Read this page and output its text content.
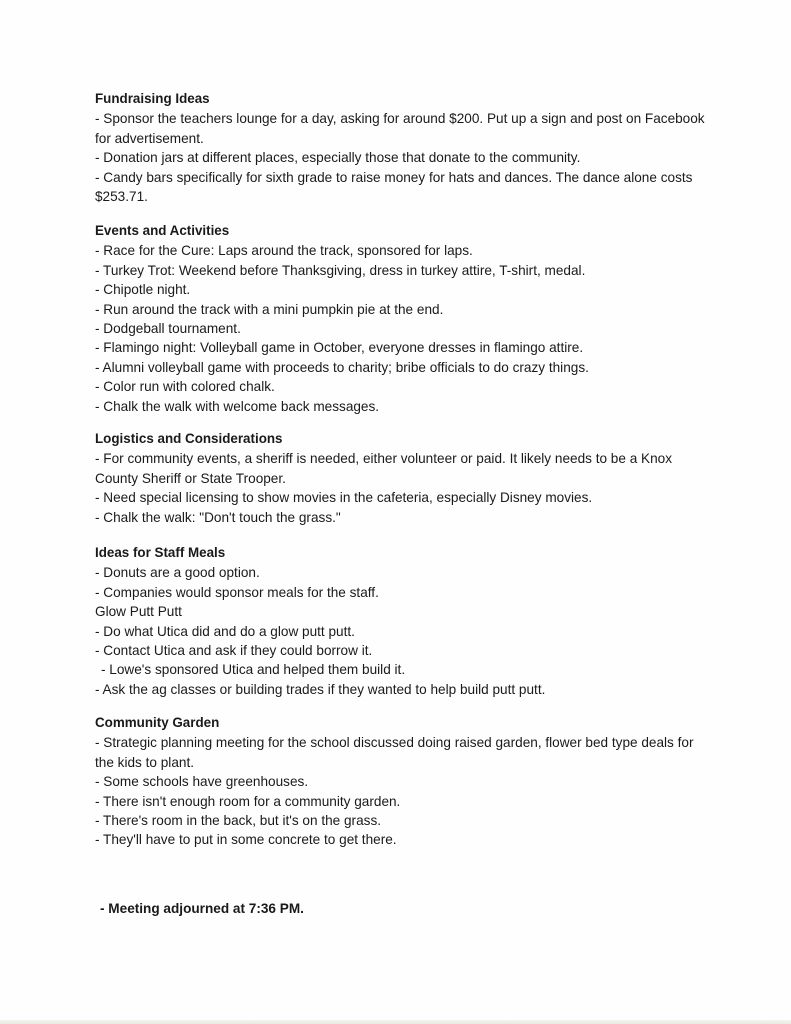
Fundraising Ideas

- Sponsor the teachers lounge for a day, asking for around $200. Put up a sign and post on Facebook for advertisement.

- Donation jars at different places, especially those that donate to the community.

- Candy bars specifically for sixth grade to raise money for hats and dances. The dance alone costs $253.71.

Events and Activities

- Race for the Cure: Laps around the track, sponsored for laps.

- Turkey Trot: Weekend before Thanksgiving, dress in turkey attire, T-shirt, medal.

- Chipotle night.

- Run around the track with a mini pumpkin pie at the end.

- Dodgeball tournament.

- Flamingo night: Volleyball game in October, everyone dresses in flamingo attire.

- Alumni volleyball game with proceeds to charity; bribe officials to do crazy things.

- Color run with colored chalk.

- Chalk the walk with welcome back messages.

Logistics and Considerations

- For community events, a sheriff is needed, either volunteer or paid. It likely needs to be a Knox County Sheriff or State Trooper.

- Need special licensing to show movies in the cafeteria, especially Disney movies.

- Chalk the walk: "Don't touch the grass."

Ideas for Staff Meals

- Donuts are a good option.

- Companies would sponsor meals for the staff.

Glow Putt Putt

- Do what Utica did and do a glow putt putt.

- Contact Utica and ask if they could borrow it.

- Lowe's sponsored Utica and helped them build it.

- Ask the ag classes or building trades if they wanted to help build putt putt.

Community Garden

- Strategic planning meeting for the school discussed doing raised garden, flower bed type deals for the kids to plant.

- Some schools have greenhouses.

- There isn't enough room for a community garden.

- There's room in the back, but it's on the grass.

- They'll have to put in some concrete to get there.

- Meeting adjourned at 7:36 PM.
